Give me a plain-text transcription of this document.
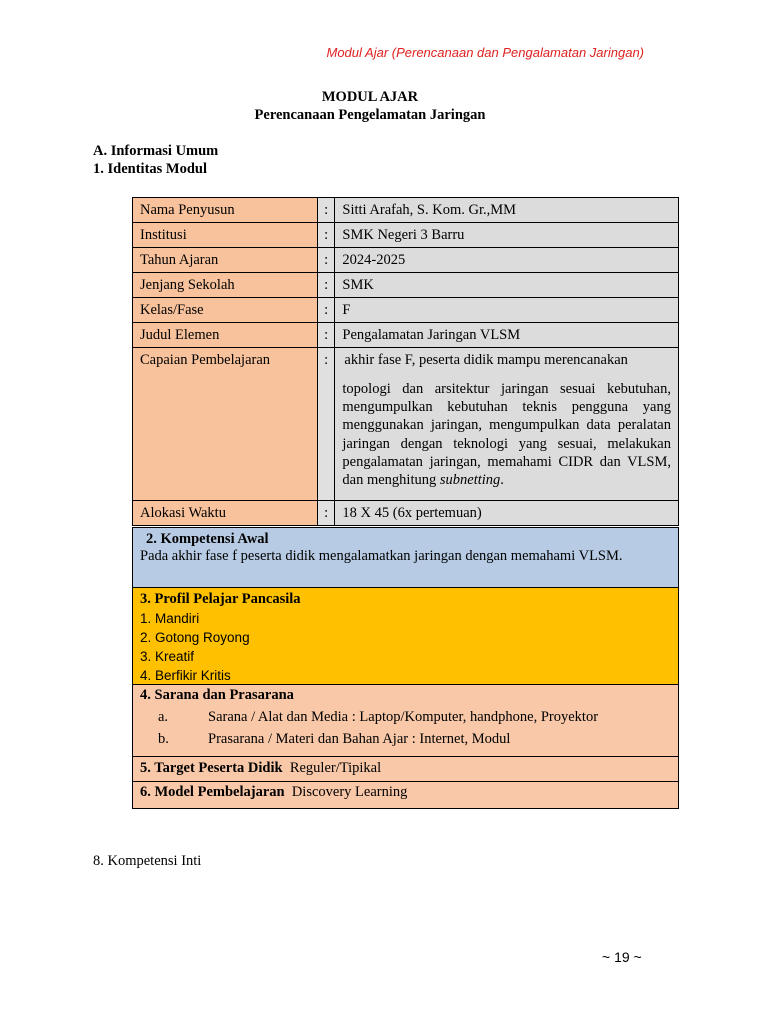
Modul Ajar (Perencanaan dan Pengalamatan Jaringan)
MODUL AJAR
Perencanaan Pengelamatan Jaringan
A. Informasi Umum
1. Identitas Modul
Nama Penyusun	:	Sitti Arafah, S. Kom. Gr.,MM
Institusi	:	SMK Negeri 3 Barru
Tahun Ajaran	:	2024-2025
Jenjang Sekolah	:	SMK
Kelas/Fase	:	F
Judul Elemen	:	Pengalamatan Jaringan VLSM
Capaian Pembelajaran	:	akhir fase F, peserta didik mampu merencanakan
topologi dan arsitektur jaringan sesuai kebutuhan, mengumpulkan kebutuhan teknis pengguna yang menggunakan jaringan, mengumpulkan data peralatan jaringan dengan teknologi yang sesuai, melakukan pengalamatan jaringan, memahami CIDR dan VLSM, dan menghitung subnetting.

Alokasi Waktu	:	18 X 45 (6x pertemuan)
2. Kompetensi Awal
Pada akhir fase f peserta didik mengalamatkan jaringan dengan memahami VLSM.
3. Profil Pelajar Pancasila
1. Mandiri
2. Gotong Royong
3. Kreatif
4. Berfikir Kritis
4. Sarana dan Prasarana
a.	Sarana / Alat dan Media : Laptop/Komputer, handphone, Proyektor
b.	Prasarana / Materi dan Bahan Ajar : Internet, Modul
5. Target Peserta Didik Reguler/Tipikal
6. Model Pembelajaran Discovery Learning
8. Kompetensi Inti
~ 19 ~
